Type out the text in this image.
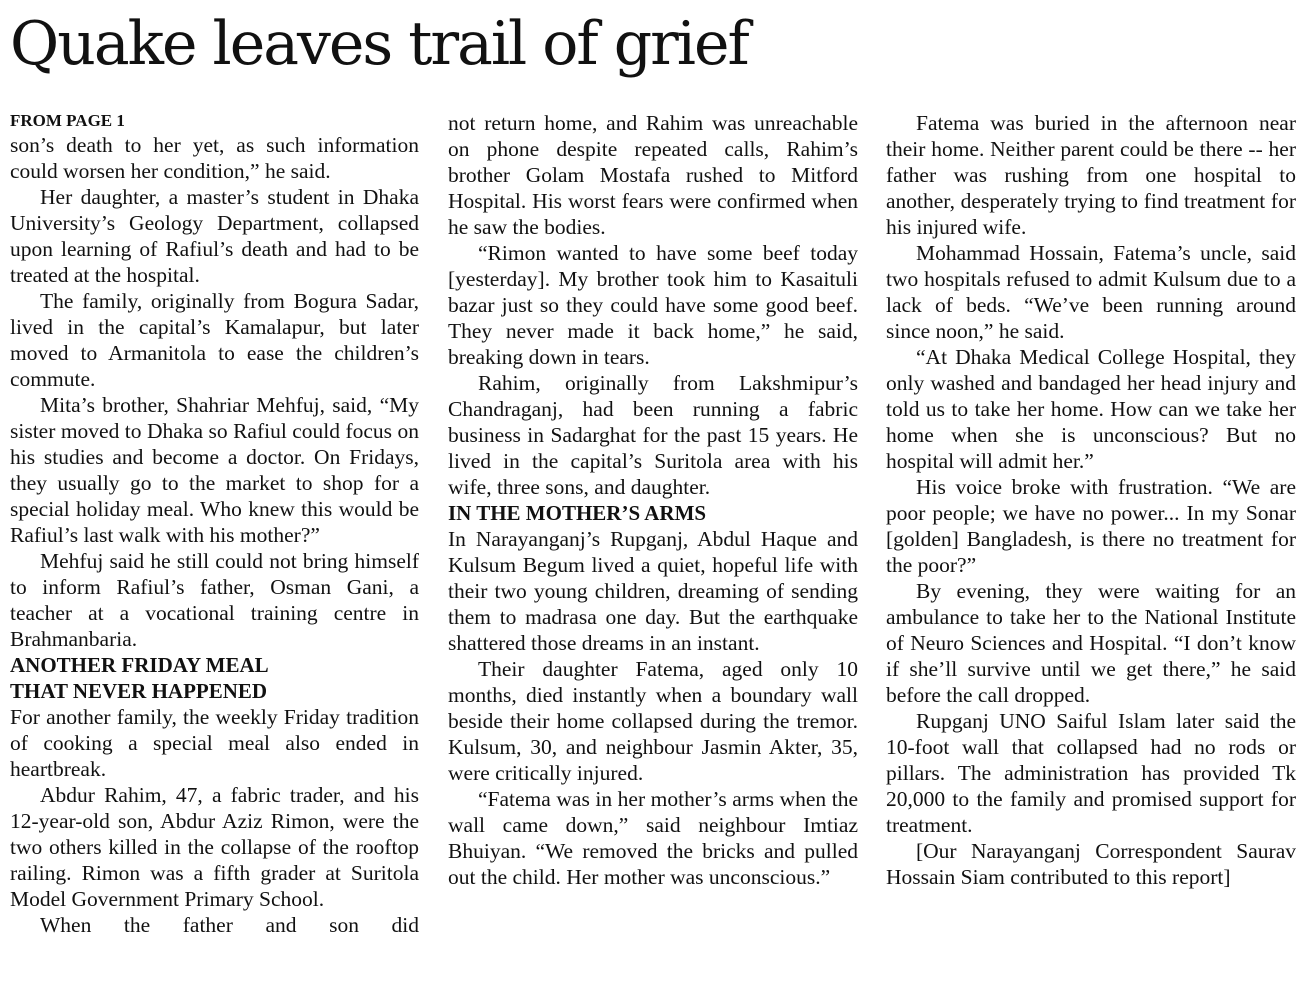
Quake leaves trail of grief
FROM PAGE 1

son’s death to her yet, as such information could worsen her condition,” he said.

Her daughter, a master’s student in Dhaka University’s Geology Department, collapsed upon learning of Rafiul’s death and had to be treated at the hospital.

The family, originally from Bogura Sadar, lived in the capital’s Kamalapur, but later moved to Armanitola to ease the children’s commute.

Mita’s brother, Shahriar Mehfuj, said, “My sister moved to Dhaka so Rafiul could focus on his studies and become a doctor. On Fridays, they usually go to the market to shop for a special holiday meal. Who knew this would be Rafiul’s last walk with his mother?”

Mehfuj said he still could not bring himself to inform Rafiul’s father, Osman Gani, a teacher at a vocational training centre in Brahmanbaria.

ANOTHER FRIDAY MEAL
THAT NEVER HAPPENED

For another family, the weekly Friday tradition of cooking a special meal also ended in heartbreak.

Abdur Rahim, 47, a fabric trader, and his 12-year-old son, Abdur Aziz Rimon, were the two others killed in the collapse of the rooftop railing. Rimon was a fifth grader at Suritola Model Government Primary School.

When the father and son did

not return home, and Rahim was unreachable on phone despite repeated calls, Rahim’s brother Golam Mostafa rushed to Mitford Hospital. His worst fears were confirmed when he saw the bodies.

“Rimon wanted to have some beef today [yesterday]. My brother took him to Kasaituli bazar just so they could have some good beef. They never made it back home,” he said, breaking down in tears.

Rahim, originally from Lakshmipur’s Chandraganj, had been running a fabric business in Sadarghat for the past 15 years. He lived in the capital’s Suritola area with his wife, three sons, and daughter.

IN THE MOTHER’S ARMS

In Narayanganj’s Rupganj, Abdul Haque and Kulsum Begum lived a quiet, hopeful life with their two young children, dreaming of sending them to madrasa one day. But the earthquake shattered those dreams in an instant.

Their daughter Fatema, aged only 10 months, died instantly when a boundary wall beside their home collapsed during the tremor. Kulsum, 30, and neighbour Jasmin Akter, 35, were critically injured.

“Fatema was in her mother’s arms when the wall came down,” said neighbour Imtiaz Bhuiyan. “We removed the bricks and pulled out the child. Her mother was unconscious.”

Fatema was buried in the afternoon near their home. Neither parent could be there -- her father was rushing from one hospital to another, desperately trying to find treatment for his injured wife.

Mohammad Hossain, Fatema’s uncle, said two hospitals refused to admit Kulsum due to a lack of beds. “We’ve been running around since noon,” he said.

“At Dhaka Medical College Hospital, they only washed and bandaged her head injury and told us to take her home. How can we take her home when she is unconscious? But no hospital will admit her.”

His voice broke with frustration. “We are poor people; we have no power... In my Sonar [golden] Bangladesh, is there no treatment for the poor?”

By evening, they were waiting for an ambulance to take her to the National Institute of Neuro Sciences and Hospital. “I don’t know if she’ll survive until we get there,” he said before the call dropped.

Rupganj UNO Saiful Islam later said the 10-foot wall that collapsed had no rods or pillars. The administration has provided Tk 20,000 to the family and promised support for treatment.

[Our Narayanganj Correspondent Saurav Hossain Siam contributed to this report]
